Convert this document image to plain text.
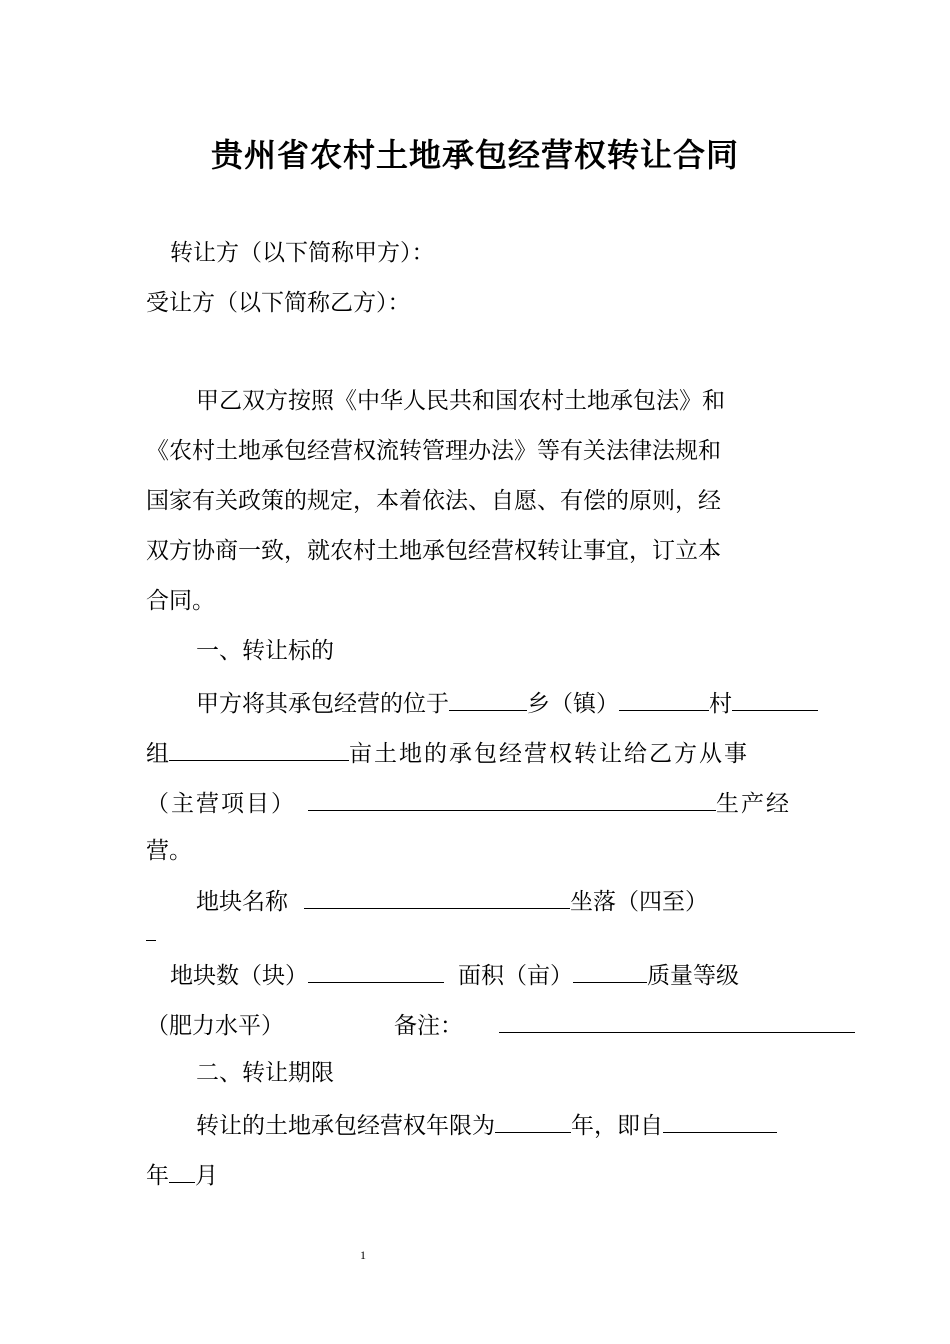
贵州省农村土地承包经营权转让合同
转让方（以下简称甲方）：
受让方（以下简称乙方）：
甲乙双方按照《中华人民共和国农村土地承包法》和
《农村土地承包经营权流转管理办法》等有关法律法规和
国家有关政策的规定，本着依法、自愿、有偿的原则，经
双方协商一致，就农村土地承包经营权转让事宜，订立本
合同。
一、转让标的
甲方将其承包经营的位于	乡（镇）	村
组	亩土地的承包经营权转让给乙方从事
（主营项目）	生产经
营。
地块名称	坐落（四至）
地块数（块）	面积（亩）	质量等级
（肥力水平）	备注：
二、转让期限
转让的土地承包经营权年限为	年，即自
年 月
1
